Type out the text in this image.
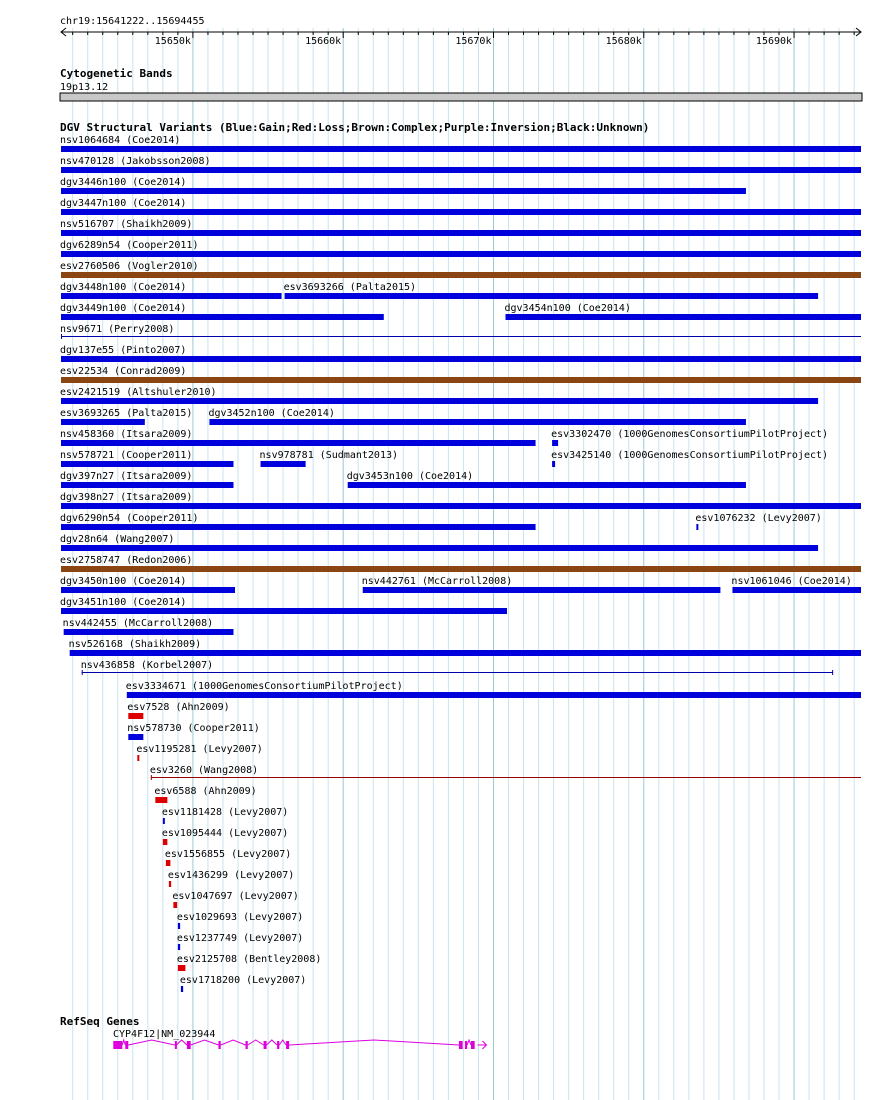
chr19:15641222..15694455
15650k	15660k	15670k	15680k	15690k
Cytogenetic Bands
19p13.12
DGV Structural Variants (Blue:Gain;Red:Loss;Brown:Complex;Purple:Inversion;Black:Unknown)
nsv1064684 (Coe2014)
nsv470128 (Jakobsson2008)
dgv3446n100 (Coe2014)
dgv3447n100 (Coe2014)
nsv516707 (Shaikh2009)
dgv6289n54 (Cooper2011)
esv2760506 (Vogler2010)
dgv3448n100 (Coe2014)	esv3693266 (Palta2015)
dgv3449n100 (Coe2014)	dgv3454n100 (Coe2014)
nsv9671 (Perry2008)
dgv137e55 (Pinto2007)
esv22534 (Conrad2009)
esv2421519 (Altshuler2010)
esv3693265 (Palta2015) dgv3452n100 (Coe2014)
nsv458360 (Itsara2009)	esv3302470 (1000GenomesConsortiumPilotProject)
nsv578721 (Cooper2011)	nsv978781 (Sudmant2013)	esv3425140 (1000GenomesConsortiumPilotProject)
dgv397n27 (Itsara2009)	dgv3453n100 (Coe2014)
dgv398n27 (Itsara2009)
dgv6290n54 (Cooper2011)	esv1076232 (Levy2007)
dgv28n64 (Wang2007)
esv2758747 (Redon2006)
dgv3450n100 (Coe2014)	nsv442761 (McCarroll2008)	nsv1061046 (Coe2014)
dgv3451n100 (Coe2014)
nsv442455 (McCarroll2008)
nsv526168 (Shaikh2009)
nsv436858 (Korbel2007)
esv3334671 (1000GenomesConsortiumPilotProject)
esv7528 (Ahn2009)
nsv578730 (Cooper2011)
esv1195281 (Levy2007)
esv3260 (Wang2008)
esv6588 (Ahn2009)
esv1181428 (Levy2007)
esv1095444 (Levy2007)
esv1556855 (Levy2007)
esv1436299 (Levy2007)
esv1047697 (Levy2007)
esv1029693 (Levy2007)
esv1237749 (Levy2007)
esv2125708 (Bentley2008)
esv1718200 (Levy2007)
RefSeq Genes
CYP4F12|NM_023944
